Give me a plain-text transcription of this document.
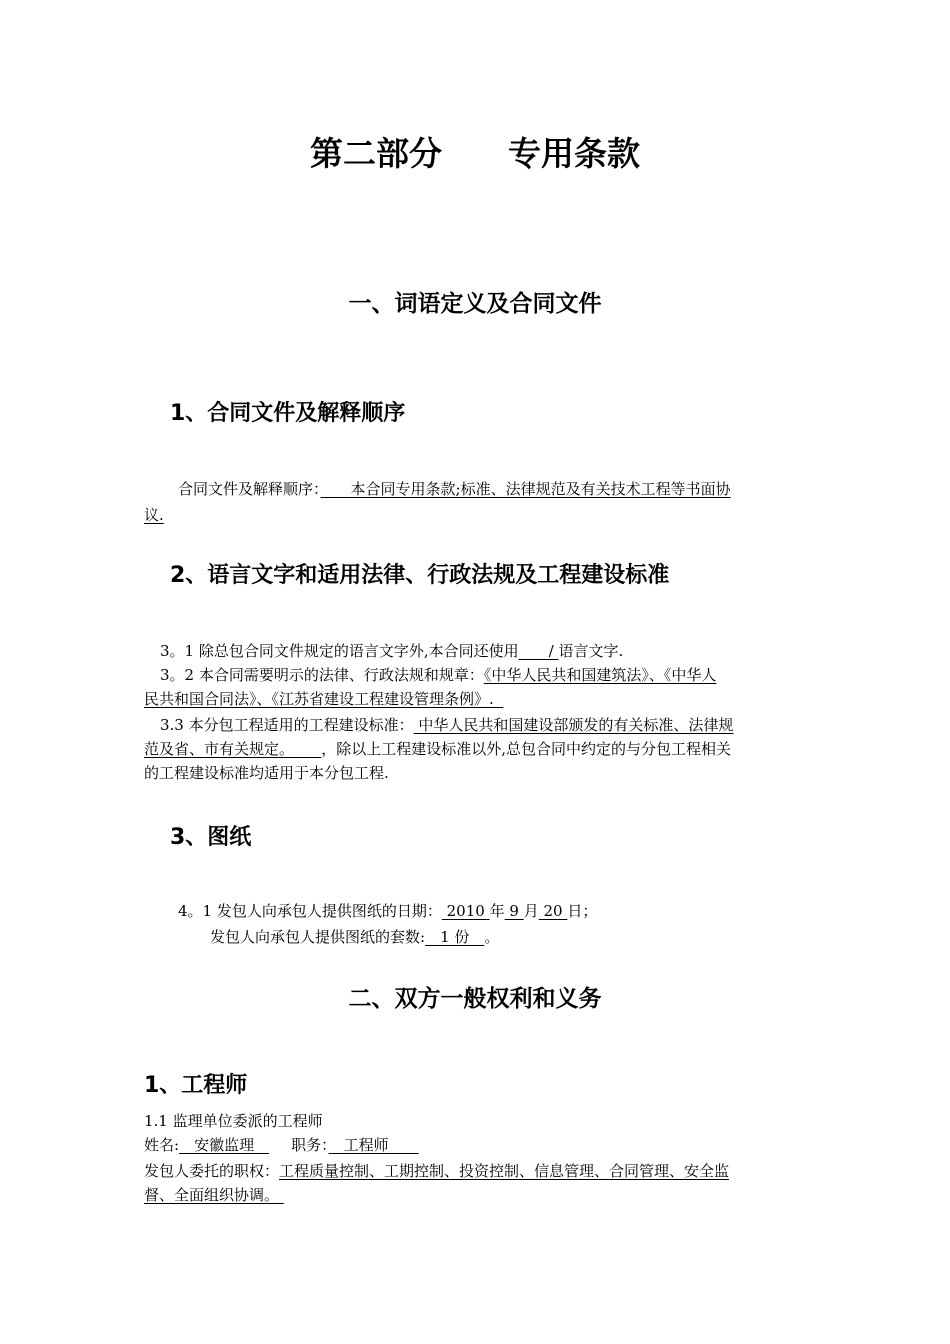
第二部分　　专用条款
一、词语定义及合同文件
1、合同文件及解释顺序
合同文件及解释顺序：　　本合同专用条款;标准、法律规范及有关技术工程等书面协
议.
2、语言文字和适用法律、行政法规及工程建设标准
3。1 除总包合同文件规定的语言文字外,本合同还使用　　/ 语言文字.
3。2 本合同需要明示的法律、行政法规和规章：《中华人民共和国建筑法》、《中华人
民共和国合同法》、《江苏省建设工程建设管理条例》.
3.3 本分包工程适用的工程建设标准： 中华人民共和国建设部颁发的有关标准、法律规
范及省、市有关规定。　　 ，除以上工程建设标准以外,总包合同中约定的与分包工程相关
的工程建设标准均适用于本分包工程.
3、图纸
4。1 发包人向承包人提供图纸的日期： 2010 年 9 月 20 日；
发包人向承包人提供图纸的套数:　1 份　。
二、双方一般权利和义务
1、工程师
1.1 监理单位委派的工程师
姓名:　安徽监理　职务：　工程师　　
发包人委托的职权：工程质量控制、工期控制、投资控制、信息管理、合同管理、安全监
督、全面组织协调。
